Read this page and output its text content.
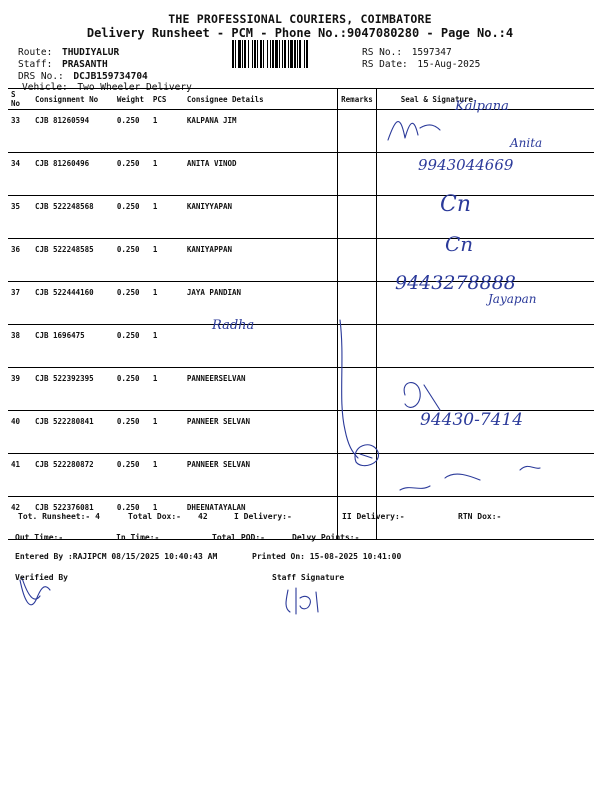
THE PROFESSIONAL COURIERS, COIMBATORE
Delivery Runsheet - PCM - Phone No.:9047080280 - Page No.:4
Route: THUDIYALUR
Staff: PRASANTH
DRS No.: DCJB159734704
Vehicle: Two Wheeler Delivery
RS No.: 1597347
RS Date: 15-Aug-2025
S No	Consignment No	Weight	PCS	Consignee Details	Remarks	Seal & Signature
33	CJB 81260594	0.250	1	KALPANA JIM		
34	CJB 81260496	0.250	1	ANITA VINOD		
35	CJB 522248568	0.250	1	KANIYYAPAN		
36	CJB 522248585	0.250	1	KANIYAPPAN		
37	CJB 522444160	0.250	1	JAYA PANDIAN		
38	CJB 1696475	0.250	1			
39	CJB 522392395	0.250	1	PANNEERSELVAN		
40	CJB 522280841	0.250	1	PANNEER SELVAN		
41	CJB 522280872	0.250	1	PANNEER SELVAN		
42	CJB 522376081	0.250	1	DHEENATAYALAN		
Kalpana
Anita
9943044669
Cn
Cn
9443278888
Jayapan
Radha
94430-7414
Tot. Runsheet:- 4	Total Dox:- 42	I Delivery:-	II Delivery:-	RTN Dox:-
Out Time:-	In Time:-	Total POD:-	Delvy Points:-
Entered By :RAJIPCM 08/15/2025 10:40:43 AM	Printed On: 15-08-2025 10:41:00
Verified By	Staff Signature
